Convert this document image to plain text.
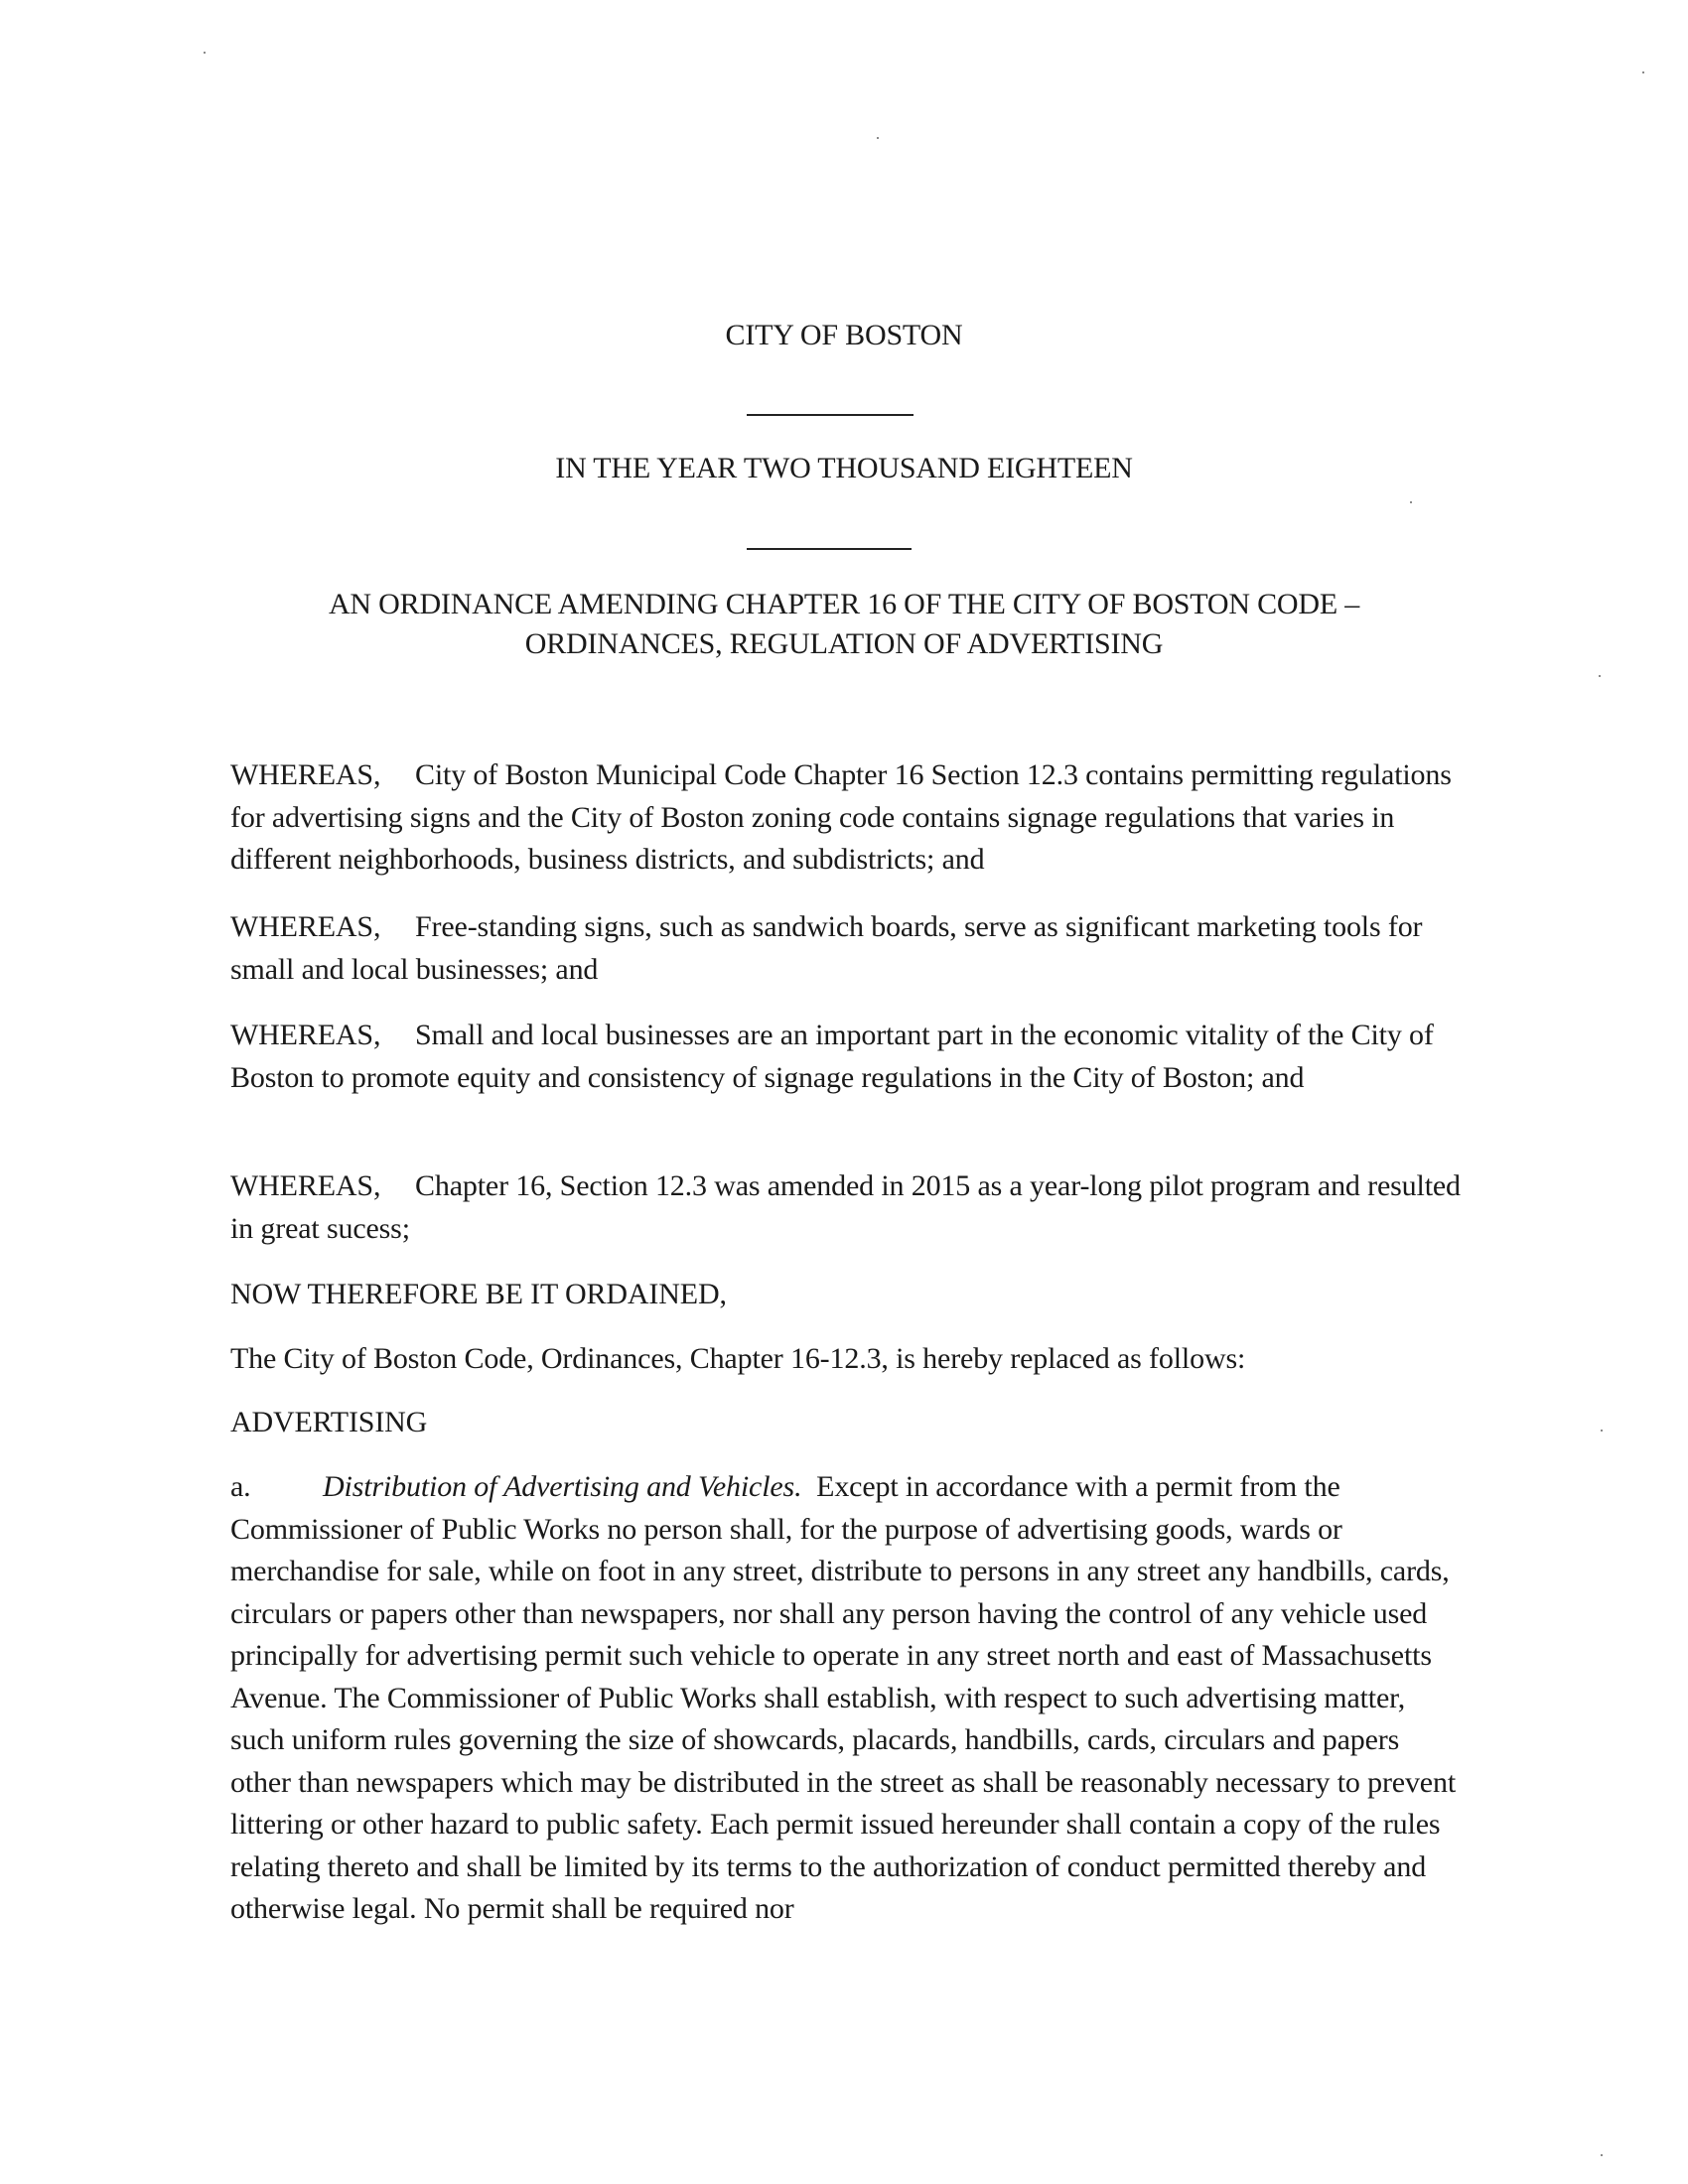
CITY OF BOSTON
IN THE YEAR TWO THOUSAND EIGHTEEN
AN ORDINANCE AMENDING CHAPTER 16 OF THE CITY OF BOSTON CODE –
ORDINANCES, REGULATION OF ADVERTISING
WHEREAS, City of Boston Municipal Code Chapter 16 Section 12.3 contains permitting regulations for advertising signs and the City of Boston zoning code contains signage regulations that varies in different neighborhoods, business districts, and subdistricts; and
WHEREAS, Free-standing signs, such as sandwich boards, serve as significant marketing tools for small and local businesses; and
WHEREAS, Small and local businesses are an important part in the economic vitality of the City of Boston to promote equity and consistency of signage regulations in the City of Boston; and
WHEREAS, Chapter 16, Section 12.3 was amended in 2015 as a year-long pilot program and resulted in great sucess;
NOW THEREFORE BE IT ORDAINED,
The City of Boston Code, Ordinances, Chapter 16-12.3, is hereby replaced as follows:
ADVERTISING
a. Distribution of Advertising and Vehicles. Except in accordance with a permit from the Commissioner of Public Works no person shall, for the purpose of advertising goods, wards or merchandise for sale, while on foot in any street, distribute to persons in any street any handbills, cards, circulars or papers other than newspapers, nor shall any person having the control of any vehicle used principally for advertising permit such vehicle to operate in any street north and east of Massachusetts Avenue. The Commissioner of Public Works shall establish, with respect to such advertising matter, such uniform rules governing the size of showcards, placards, handbills, cards, circulars and papers other than newspapers which may be distributed in the street as shall be reasonably necessary to prevent littering or other hazard to public safety. Each permit issued hereunder shall contain a copy of the rules relating thereto and shall be limited by its terms to the authorization of conduct permitted thereby and otherwise legal. No permit shall be required nor
